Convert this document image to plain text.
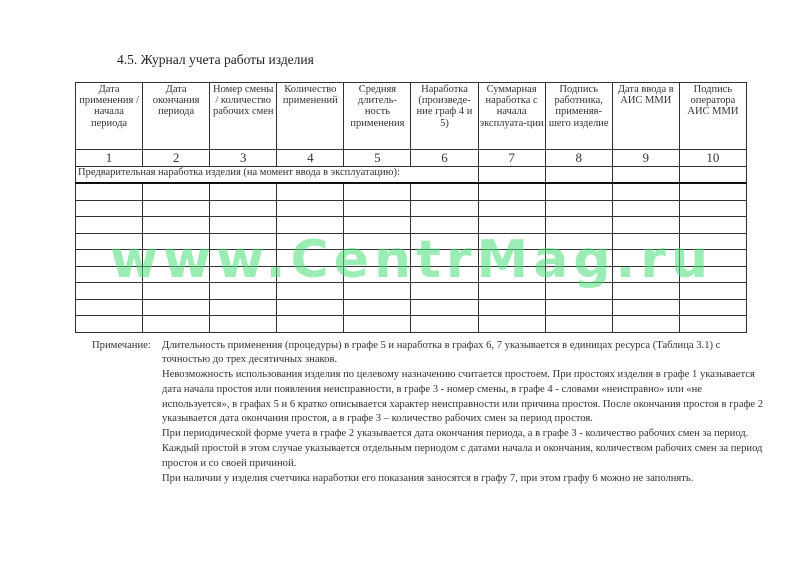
4.5. Журнал учета работы изделия
Дата применения / начала периода	Дата окончания периода	Номер смены / количество рабочих смен	Количество применений	Средняя длитель-ность применения	Наработка (произведе-ние граф 4 и 5)	Суммарная наработка с начала эксплуата-ции	Подпись работника, применяв-шего изделие	Дата ввода в АИС ММИ	Подпись оператора АИС ММИ
1	2	3	4	5	6	7	8	9	10
Предварительная наработка изделия (на момент ввода в эксплуатацию):									

Примечание: Длительность применения (процедуры) в графе 5 и наработка в графах 6, 7 указывается в единицах ресурса (Таблица 3.1) с точностью до трех десятичных знаков.

Невозможность использования изделия по целевому назначению считается простоем. При простоях изделия в графе 1 указывается дата начала простоя или появления неисправности, в графе 3 - номер смены, в графе 4 - словами «неисправно» или «не используется», в графах 5 и 6 кратко описывается характер неисправности или причина простоя. После окончания простоя в графе 2 указывается дата окончания простоя, а в графе 3 – количество рабочих смен за период простоя.

При периодической форме учета в графе 2 указывается дата окончания периода, а в графе 3 - количество рабочих смен за период. Каждый простой в этом случае указывается отдельным периодом с датами начала и окончания, количеством рабочих смен за период простоя и со своей причиной.

При наличии у изделия счетчика наработки его показания заносятся в графу 7, при этом графу 6 можно не заполнять.

www.CentrMag.ru
